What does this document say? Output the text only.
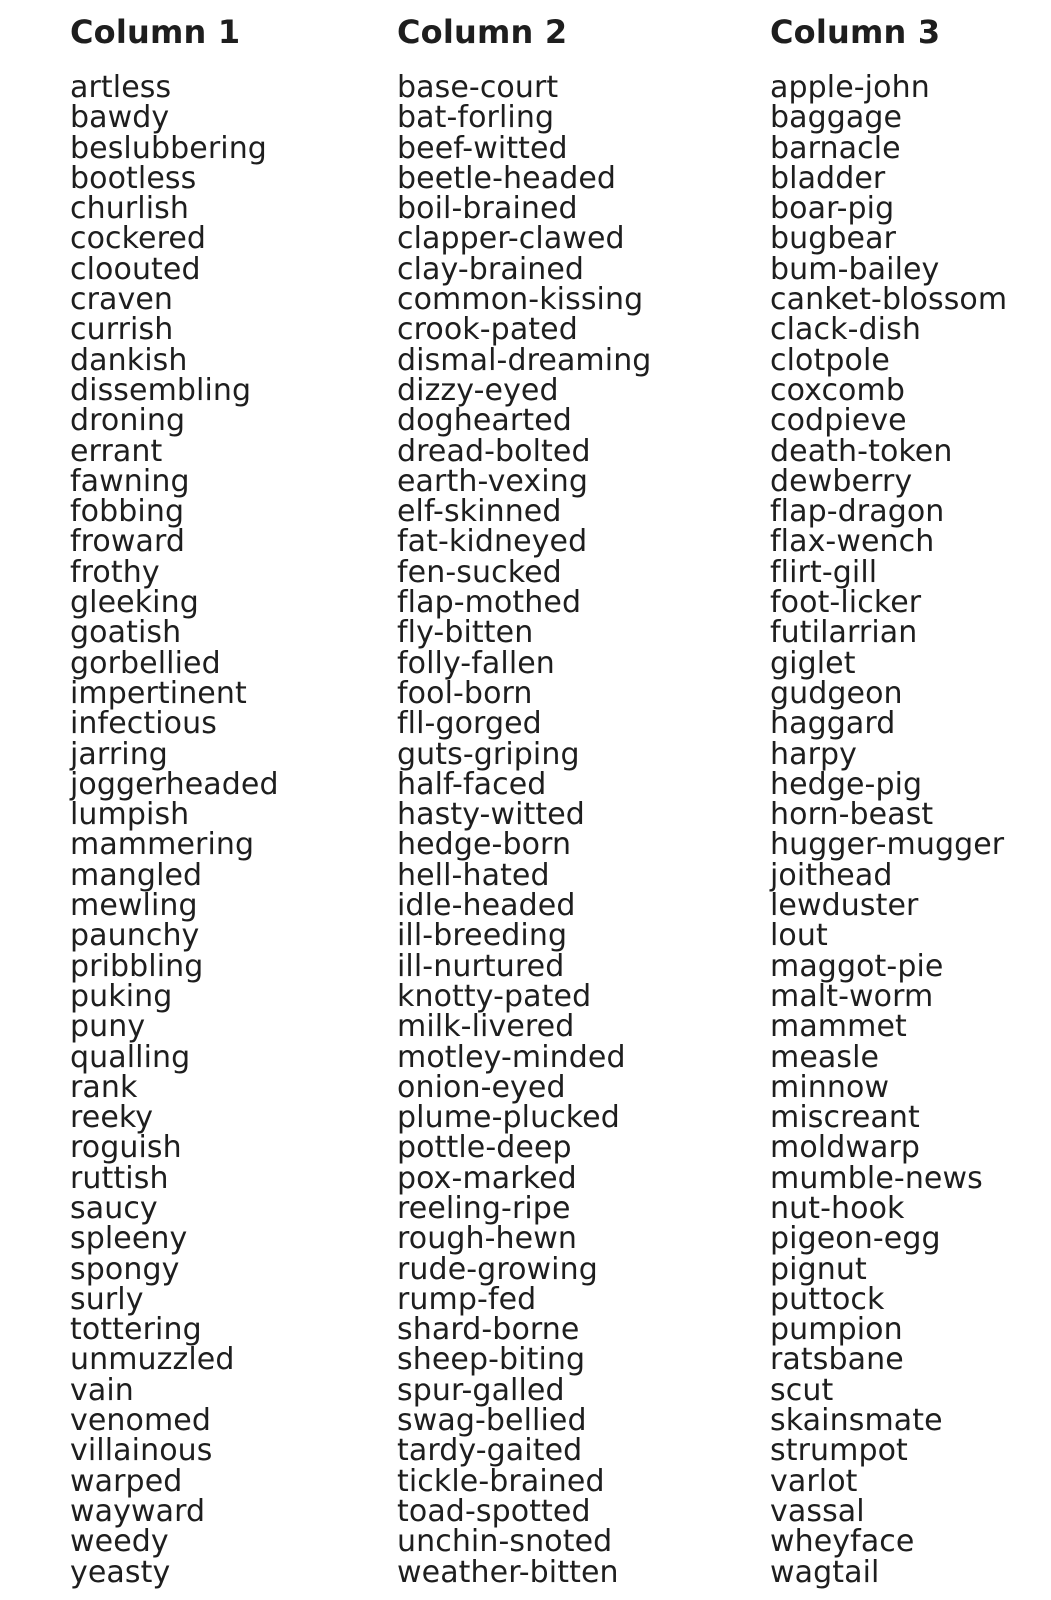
Column 1
artless
bawdy
beslubbering
bootless
churlish
cockered
cloouted
craven
currish
dankish
dissembling
droning
errant
fawning
fobbing
froward
frothy
gleeking
goatish
gorbellied
impertinent
infectious
jarring
joggerheaded
lumpish
mammering
mangled
mewling
paunchy
pribbling
puking
puny
qualling
rank
reeky
roguish
ruttish
saucy
spleeny
spongy
surly
tottering
unmuzzled
vain
venomed
villainous
warped
wayward
weedy
yeasty
Column 2
base-court
bat-forling
beef-witted
beetle-headed
boil-brained
clapper-clawed
clay-brained
common-kissing
crook-pated
dismal-dreaming
dizzy-eyed
doghearted
dread-bolted
earth-vexing
elf-skinned
fat-kidneyed
fen-sucked
flap-mothed
fly-bitten
folly-fallen
fool-born
fll-gorged
guts-griping
half-faced
hasty-witted
hedge-born
hell-hated
idle-headed
ill-breeding
ill-nurtured
knotty-pated
milk-livered
motley-minded
onion-eyed
plume-plucked
pottle-deep
pox-marked
reeling-ripe
rough-hewn
rude-growing
rump-fed
shard-borne
sheep-biting
spur-galled
swag-bellied
tardy-gaited
tickle-brained
toad-spotted
unchin-snoted
weather-bitten
Column 3
apple-john
baggage
barnacle
bladder
boar-pig
bugbear
bum-bailey
canket-blossom
clack-dish
clotpole
coxcomb
codpieve
death-token
dewberry
flap-dragon
flax-wench
flirt-gill
foot-licker
futilarrian
giglet
gudgeon
haggard
harpy
hedge-pig
horn-beast
hugger-mugger
joithead
lewduster
lout
maggot-pie
malt-worm
mammet
measle
minnow
miscreant
moldwarp
mumble-news
nut-hook
pigeon-egg
pignut
puttock
pumpion
ratsbane
scut
skainsmate
strumpot
varlot
vassal
wheyface
wagtail
